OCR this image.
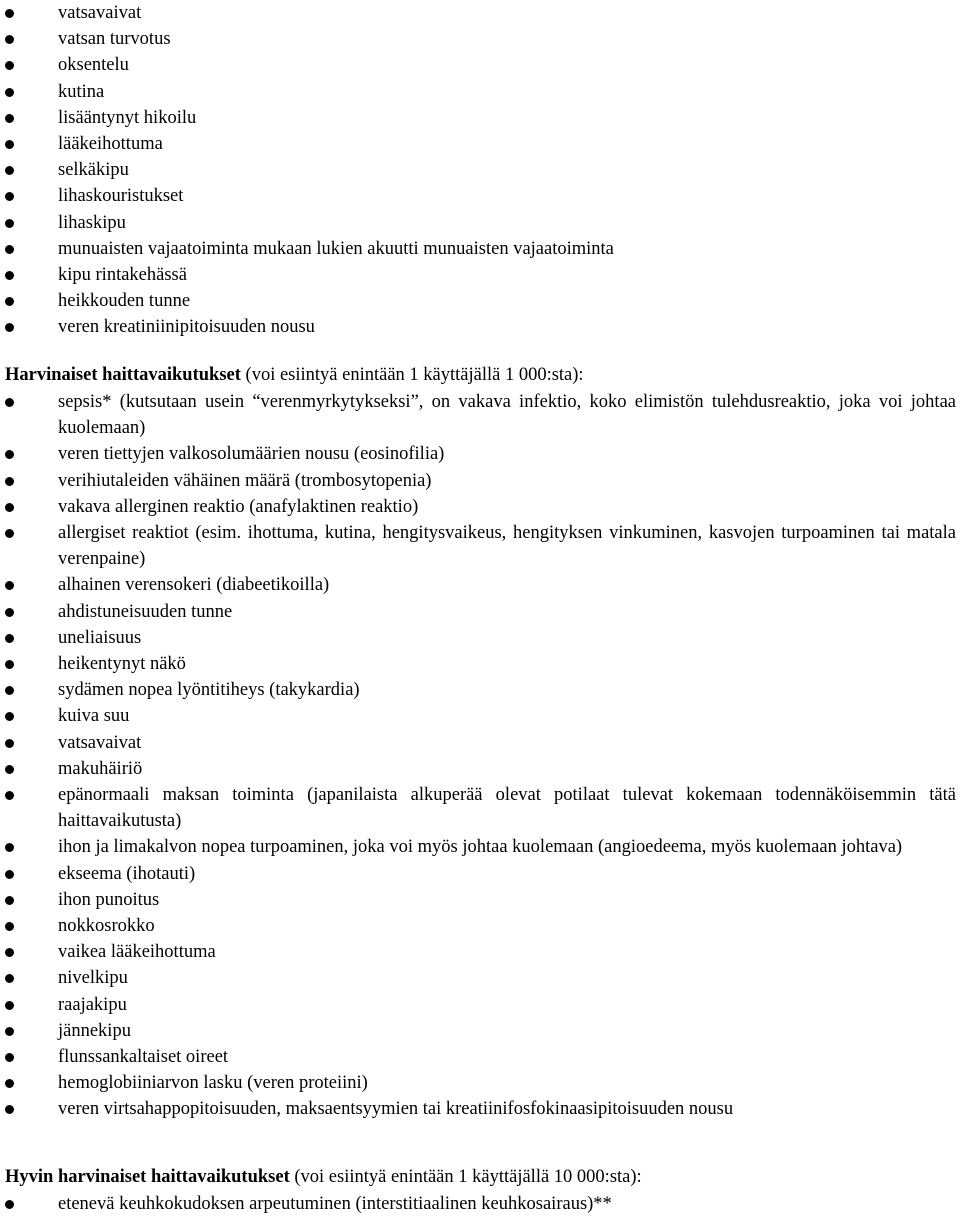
vatsavaivat
vatsan turvotus
oksentelu
kutina
lisääntynyt hikoilu
lääkeihottuma
selkäkipu
lihaskouristukset
lihaskipu
munuaisten vajaatoiminta mukaan lukien akuutti munuaisten vajaatoiminta
kipu rintakehässä
heikkouden tunne
veren kreatiniinipitoisuuden nousu
Harvinaiset haittavaikutukset (voi esiintyä enintään 1 käyttäjällä 1 000:sta):
sepsis* (kutsutaan usein “verenmyrkytykseksi”, on vakava infektio, koko elimistön tulehdusreaktio, joka voi johtaa kuolemaan)
veren tiettyjen valkosolumäärien nousu (eosinofilia)
verihiutaleiden vähäinen määrä (trombosytopenia)
vakava allerginen reaktio (anafylaktinen reaktio)
allergiset reaktiot (esim. ihottuma, kutina, hengitysvaikeus, hengityksen vinkuminen, kasvojen turpoaminen tai matala verenpaine)
alhainen verensokeri (diabeetikoilla)
ahdistuneisuuden tunne
uneliaisuus
heikentynyt näkö
sydämen nopea lyöntitiheys (takykardia)
kuiva suu
vatsavaivat
makuhäiriö
epänormaali maksan toiminta (japanilaista alkuperää olevat potilaat tulevat kokemaan todennäköisemmin tätä haittavaikutusta)
ihon ja limakalvon nopea turpoaminen, joka voi myös johtaa kuolemaan (angioedeema, myös kuolemaan johtava)
ekseema (ihotauti)
ihon punoitus
nokkosrokko
vaikea lääkeihottuma
nivelkipu
raajakipu
jännekipu
flunssankaltaiset oireet
hemoglobiiniarvon lasku (veren proteiini)
veren virtsahappopitoisuuden, maksaentsyymien tai kreatiinifosfokinaasipitoisuuden nousu
Hyvin harvinaiset haittavaikutukset (voi esiintyä enintään 1 käyttäjällä 10 000:sta):
etenevä keuhkokudoksen arpeutuminen (interstitiaalinen keuhkosairaus)**
